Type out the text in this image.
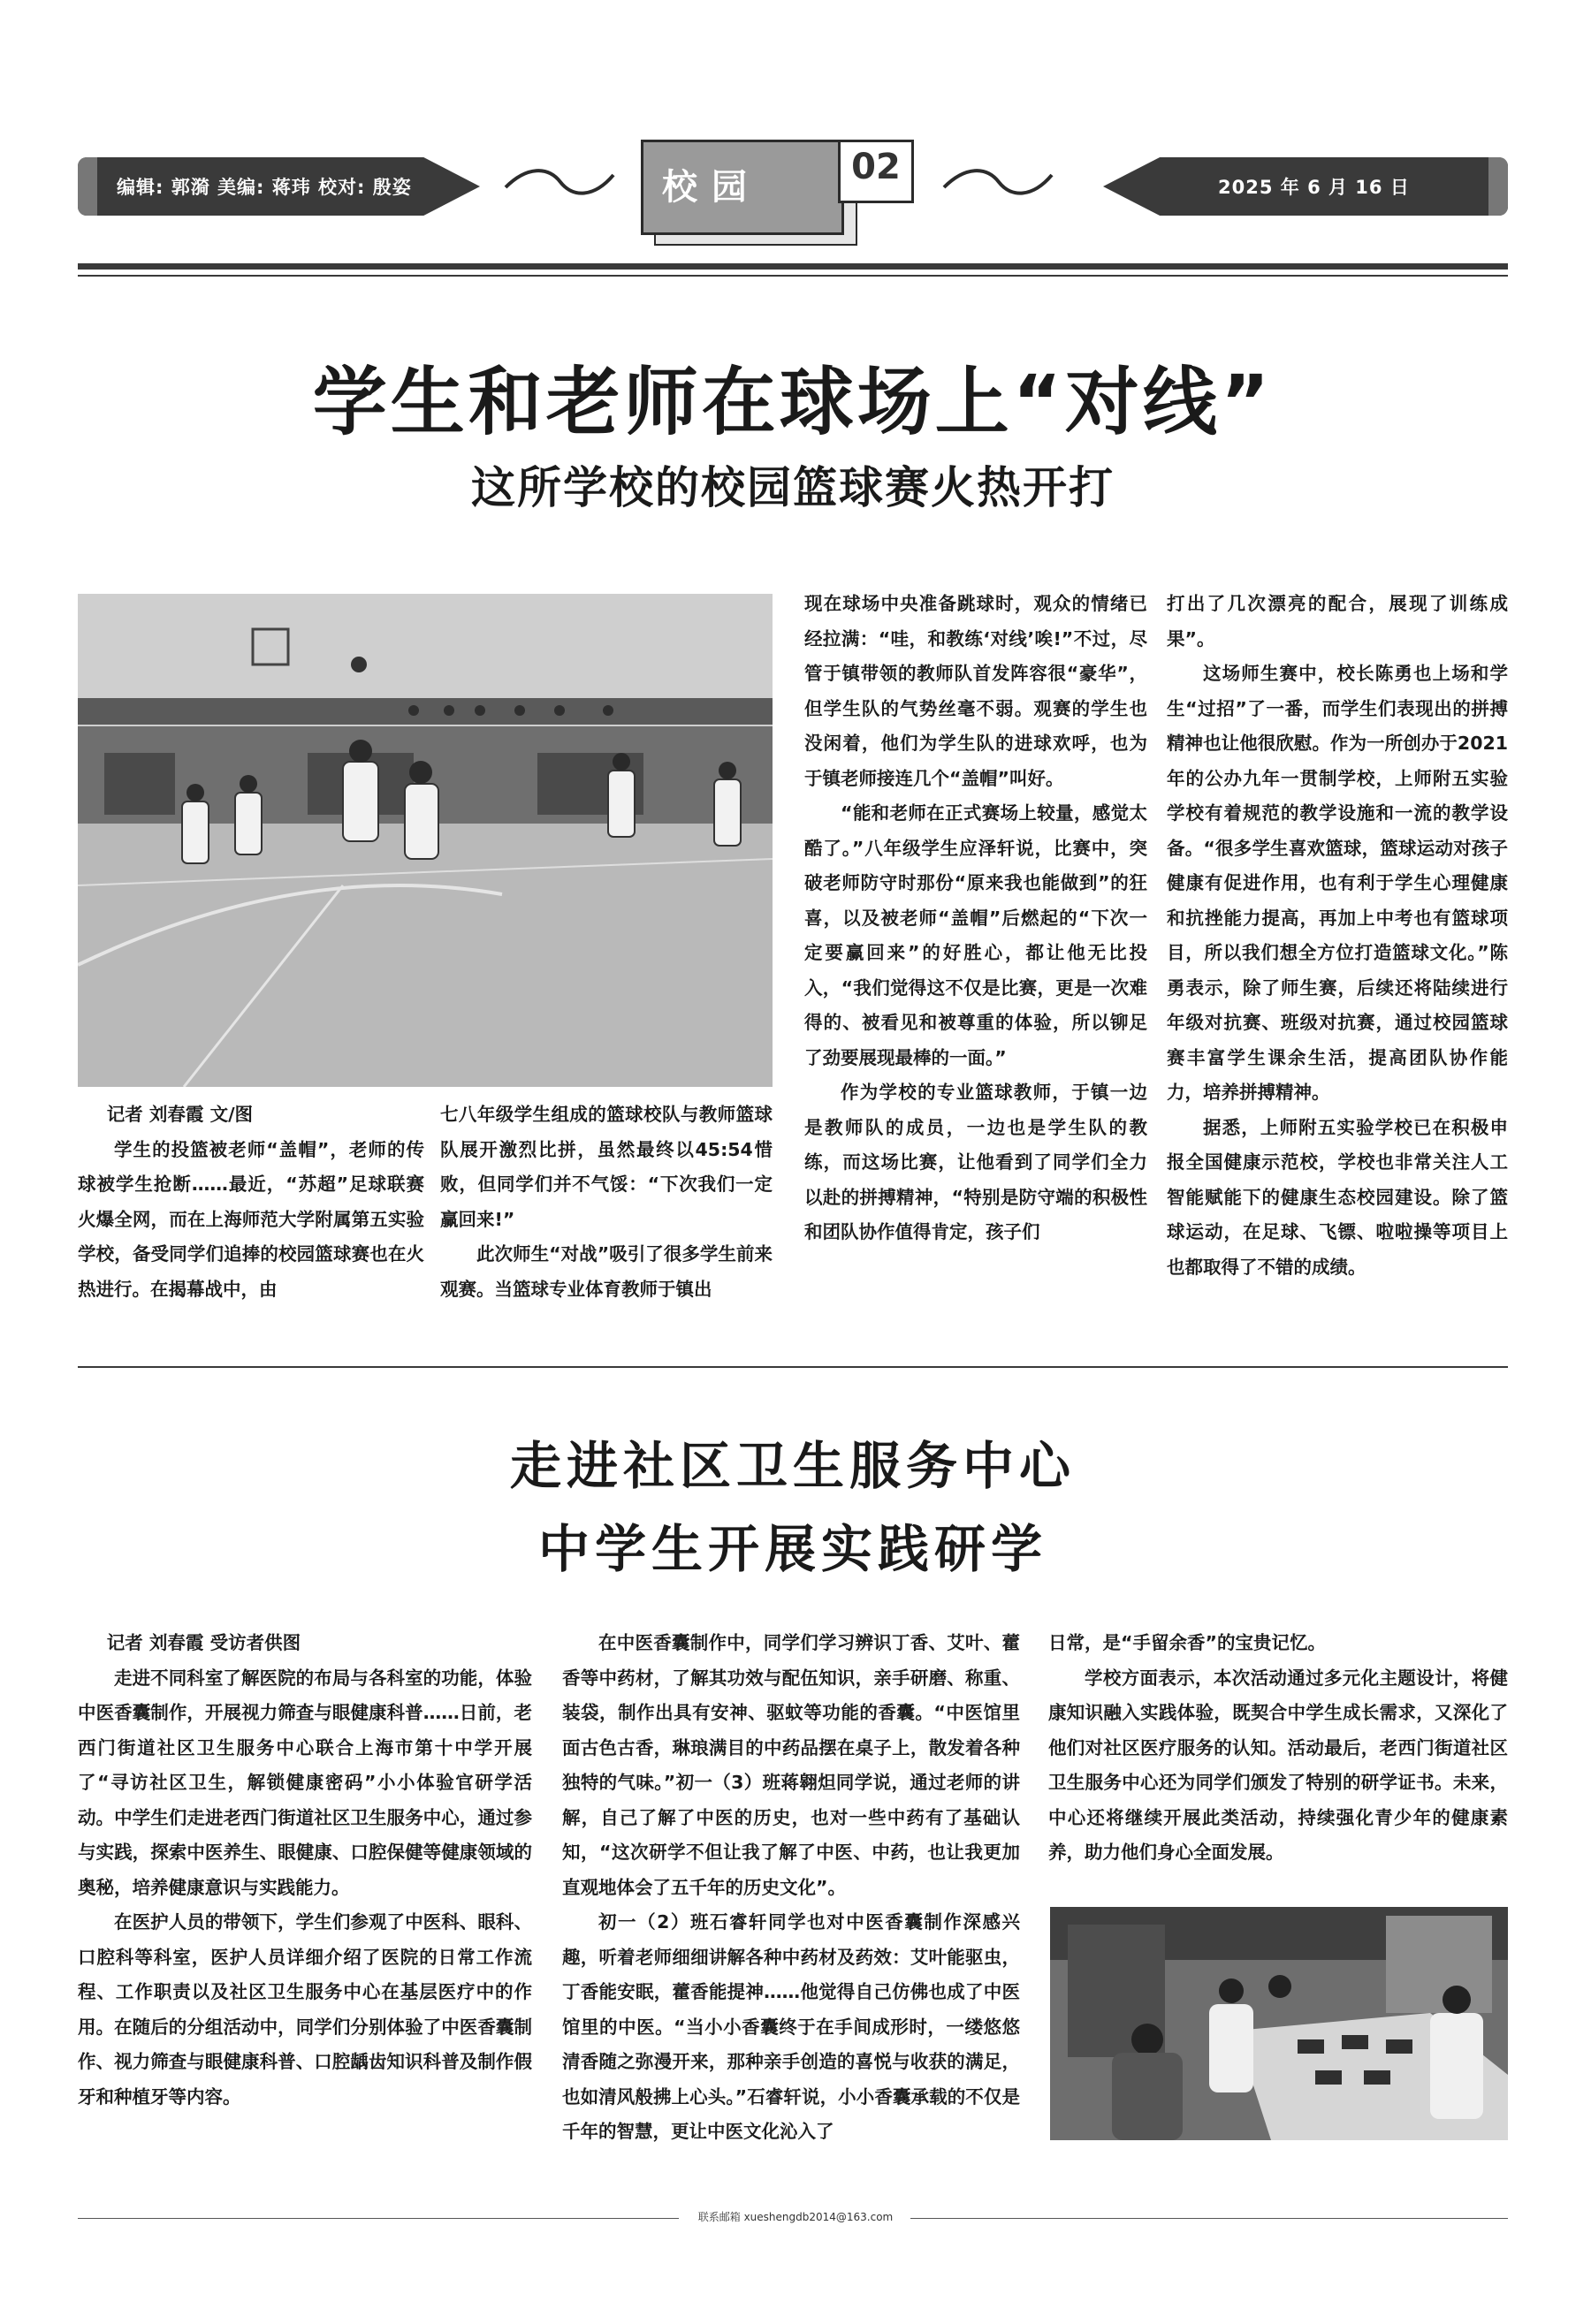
编辑: 郭漪 美编: 蒋玮 校对: 殷姿	校园	02	2025 年 6 月 16 日
学生和老师在球场上“对线”
这所学校的校园篮球赛火热开打

记者 刘春霞 文/图

学生的投篮被老师“盖帽”，老师的传球被学生抢断……最近，“苏超”足球联赛火爆全网，而在上海师范大学附属第五实验学校，备受同学们追捧的校园篮球赛也在火热进行。在揭幕战中，由

七八年级学生组成的篮球校队与教师篮球队展开激烈比拼，虽然最终以45:54惜败，但同学们并不气馁：“下次我们一定赢回来!”

此次师生“对战”吸引了很多学生前来观赛。当篮球专业体育教师于镇出

现在球场中央准备跳球时，观众的情绪已经拉满：“哇，和教练‘对线’唉!”不过，尽管于镇带领的教师队首发阵容很“豪华”，但学生队的气势丝毫不弱。观赛的学生也没闲着，他们为学生队的进球欢呼，也为于镇老师接连几个“盖帽”叫好。

“能和老师在正式赛场上较量，感觉太酷了。”八年级学生应泽轩说，比赛中，突破老师防守时那份“原来我也能做到”的狂喜，以及被老师“盖帽”后燃起的“下次一定要赢回来”的好胜心，都让他无比投入，“我们觉得这不仅是比赛，更是一次难得的、被看见和被尊重的体验，所以铆足了劲要展现最棒的一面。”

作为学校的专业篮球教师，于镇一边是教师队的成员，一边也是学生队的教练，而这场比赛，让他看到了同学们全力以赴的拼搏精神，“特别是防守端的积极性和团队协作值得肯定，孩子们

打出了几次漂亮的配合，展现了训练成果”。

这场师生赛中，校长陈勇也上场和学生“过招”了一番，而学生们表现出的拼搏精神也让他很欣慰。作为一所创办于2021年的公办九年一贯制学校，上师附五实验学校有着规范的教学设施和一流的教学设备。“很多学生喜欢篮球，篮球运动对孩子健康有促进作用，也有利于学生心理健康和抗挫能力提高，再加上中考也有篮球项目，所以我们想全方位打造篮球文化。”陈勇表示，除了师生赛，后续还将陆续进行年级对抗赛、班级对抗赛，通过校园篮球赛丰富学生课余生活，提高团队协作能力，培养拼搏精神。

据悉，上师附五实验学校已在积极申报全国健康示范校，学校也非常关注人工智能赋能下的健康生态校园建设。除了篮球运动，在足球、飞镖、啦啦操等项目上也都取得了不错的成绩。

走进社区卫生服务中心
中学生开展实践研学

记者 刘春霞 受访者供图

走进不同科室了解医院的布局与各科室的功能，体验中医香囊制作，开展视力筛查与眼健康科普……日前，老西门街道社区卫生服务中心联合上海市第十中学开展了“寻访社区卫生，解锁健康密码”小小体验官研学活动。中学生们走进老西门街道社区卫生服务中心，通过参与实践，探索中医养生、眼健康、口腔保健等健康领域的奥秘，培养健康意识与实践能力。

在医护人员的带领下，学生们参观了中医科、眼科、口腔科等科室，医护人员详细介绍了医院的日常工作流程、工作职责以及社区卫生服务中心在基层医疗中的作用。在随后的分组活动中，同学们分别体验了中医香囊制作、视力筛查与眼健康科普、口腔龋齿知识科普及制作假牙和种植牙等内容。

在中医香囊制作中，同学们学习辨识丁香、艾叶、藿香等中药材，了解其功效与配伍知识，亲手研磨、称重、装袋，制作出具有安神、驱蚊等功能的香囊。“中医馆里面古色古香，琳琅满目的中药品摆在桌子上，散发着各种独特的气味。”初一（3）班蒋翱炟同学说，通过老师的讲解，自己了解了中医的历史，也对一些中药有了基础认知，“这次研学不但让我了解了中医、中药，也让我更加直观地体会了五千年的历史文化”。

初一（2）班石睿轩同学也对中医香囊制作深感兴趣，听着老师细细讲解各种中药材及药效：艾叶能驱虫，丁香能安眠，藿香能提神……他觉得自己仿佛也成了中医馆里的中医。“当小小香囊终于在手间成形时，一缕悠悠清香随之弥漫开来，那种亲手创造的喜悦与收获的满足，也如清风般拂上心头。”石睿轩说，小小香囊承载的不仅是千年的智慧，更让中医文化沁入了

日常，是“手留余香”的宝贵记忆。

学校方面表示，本次活动通过多元化主题设计，将健康知识融入实践体验，既契合中学生成长需求，又深化了他们对社区医疗服务的认知。活动最后，老西门街道社区卫生服务中心还为同学们颁发了特别的研学证书。未来，中心还将继续开展此类活动，持续强化青少年的健康素养，助力他们身心全面发展。

联系邮箱 xueshengdb2014@163.com
